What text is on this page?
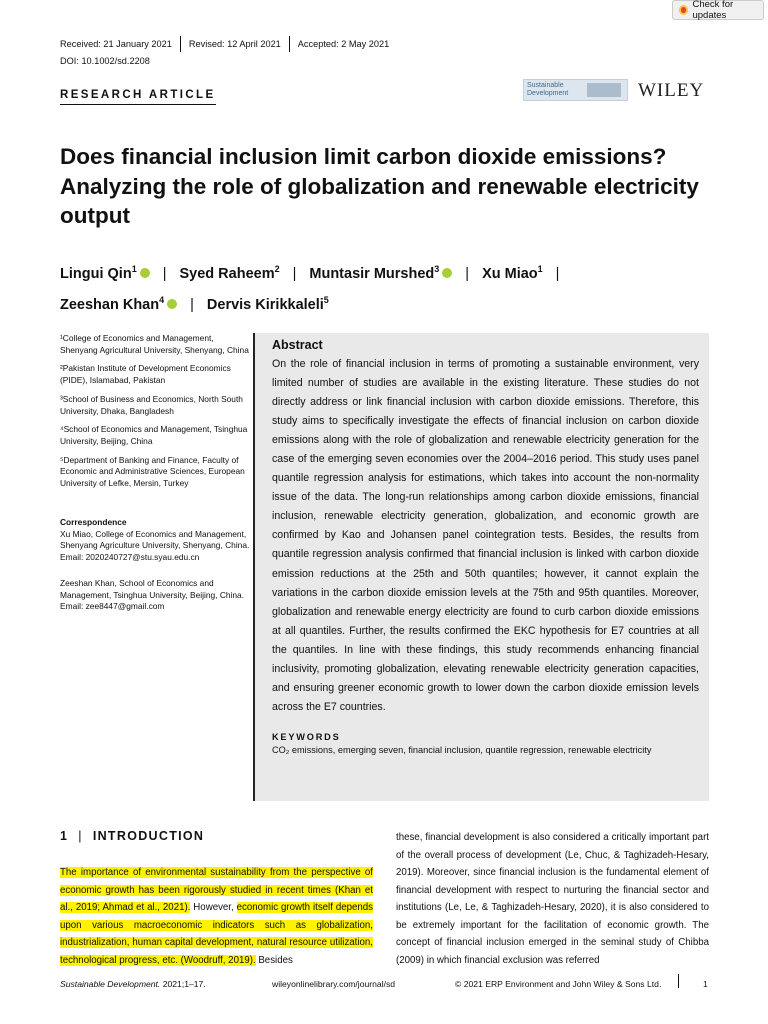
Check for updates
Received: 21 January 2021	Revised: 12 April 2021	Accepted: 2 May 2021
DOI: 10.1002/sd.2208
RESEARCH ARTICLE
Sustainable Development	WILEY
Does financial inclusion limit carbon dioxide emissions? Analyzing the role of globalization and renewable electricity output
Lingui Qin$^1$ | Syed Raheem$^2$ | Muntasir Murshed$^3$ | Xu Miao$^1$ |
Zeeshan Khan$^4$ | Dervis Kirikkaleli$^5$

¹College of Economics and Management, Shenyang Agricultural University, Shenyang, China

²Pakistan Institute of Development Economics (PIDE), Islamabad, Pakistan

³School of Business and Economics, North South University, Dhaka, Bangladesh

⁴School of Economics and Management, Tsinghua University, Beijing, China

⁵Department of Banking and Finance, Faculty of Economic and Administrative Sciences, European University of Lefke, Mersin, Turkey

Correspondence
Xu Miao, College of Economics and Management, Shenyang Agriculture University, Shenyang, China.
Email: 2020240727@stu.syau.edu.cn
Zeeshan Khan, School of Economics and Management, Tsinghua University, Beijing, China.
Email: zee8447@gmail.com
Abstract
On the role of financial inclusion in terms of promoting a sustainable environment, very limited number of studies are available in the existing literature. These studies do not directly address or link financial inclusion with carbon dioxide emissions. Therefore, this study aims to specifically investigate the effects of financial inclusion on carbon dioxide emissions along with the role of globalization and renewable electricity generation for the case of the emerging seven economies over the 2004–2016 period. This study uses panel quantile regression analysis for estimations, which takes into account the non-normality issue of the data. The long-run relationships among carbon dioxide emissions, financial inclusion, renewable electricity generation, globalization, and economic growth are confirmed by Kao and Johansen panel cointegration tests. Besides, the results from quantile regression analysis confirmed that financial inclusion is linked with carbon dioxide emission reductions at the 25th and 50th quantiles; however, it cannot explain the variations in the carbon dioxide emission levels at the 75th and 95th quantiles. Moreover, globalization and renewable energy electricity are found to curb carbon dioxide emissions at all quantiles. Further, the results confirmed the EKC hypothesis for E7 countries at all the quantiles. In line with these findings, this study recommends enhancing financial inclusivity, promoting globalization, elevating renewable electricity generation capacities, and ensuring greener economic growth to lower down the carbon dioxide emission levels across the E7 countries.
KEYWORDS
CO₂ emissions, emerging seven, financial inclusion, quantile regression, renewable electricity
1 | INTRODUCTION
The importance of environmental sustainability from the perspective of economic growth has been rigorously studied in recent times (Khan et al., 2019; Ahmad et al., 2021). However, economic growth itself depends upon various macroeconomic indicators such as globalization, industrialization, human capital development, natural resource utilization, technological progress, etc. (Woodruff, 2019). Besides
these, financial development is also considered a critically important part of the overall process of development (Le, Chuc, & Taghizadeh-Hesary, 2019). Moreover, since financial inclusion is the fundamental element of financial development with respect to nurturing the financial sector and institutions (Le, Le, & Taghizadeh-Hesary, 2020), it is also considered to be extremely important for the facilitation of economic growth. The concept of financial inclusion emerged in the seminal study of Chibba (2009) in which financial exclusion was referred
Sustainable Development. 2021;1–17.	wileyonlinelibrary.com/journal/sd	© 2021 ERP Environment and John Wiley & Sons Ltd.	1
